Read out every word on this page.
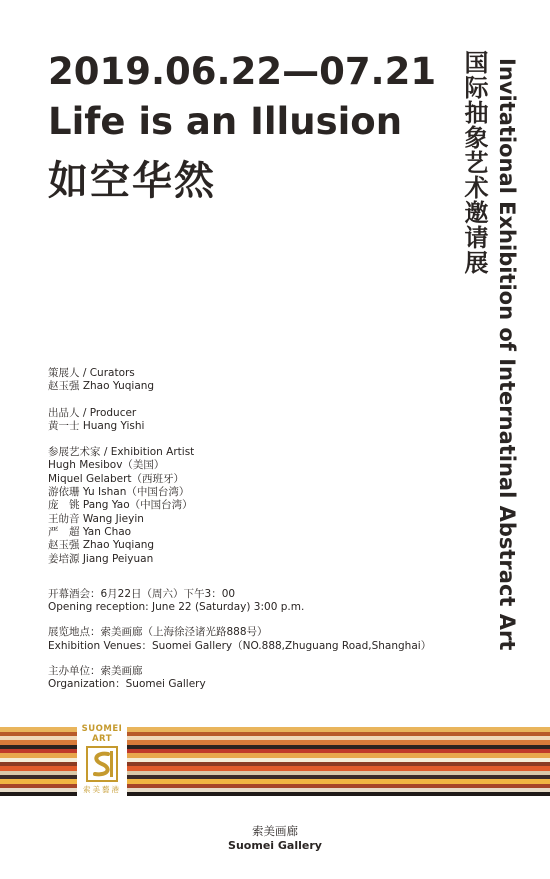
2019.06.22—07.21
Life is an Illusion
如空华然	国际抽象艺术邀请展 Invitational Exhibition of Internatinal Abstract Art
策展人 / Curators
赵玉强 Zhao Yuqiang
出品人 / Producer
黄一士 Huang Yishi
参展艺术家 / Exhibition Artist
Hugh Mesibov（美国）
Miquel Gelabert（西班牙）
游依珊 Yu Ishan（中国台湾）
庞　铫 Pang Yao（中国台湾）
王劰音 Wang Jieyin
严　超 Yan Chao
赵玉强 Zhao Yuqiang
姜培源 Jiang Peiyuan
开幕酒会：6月22日（周六）下午3：00
Opening reception: June 22 (Saturday) 3:00 p.m.
展览地点：索美画廊（上海徐泾诸光路888号）
Exhibition Venues：Suomei Gallery（NO.888,Zhuguang Road,Shanghai）
主办单位：索美画廊
Organization：Suomei Gallery
SUOMEI
ART
索美藝港
索美画廊
Suomei Gallery
